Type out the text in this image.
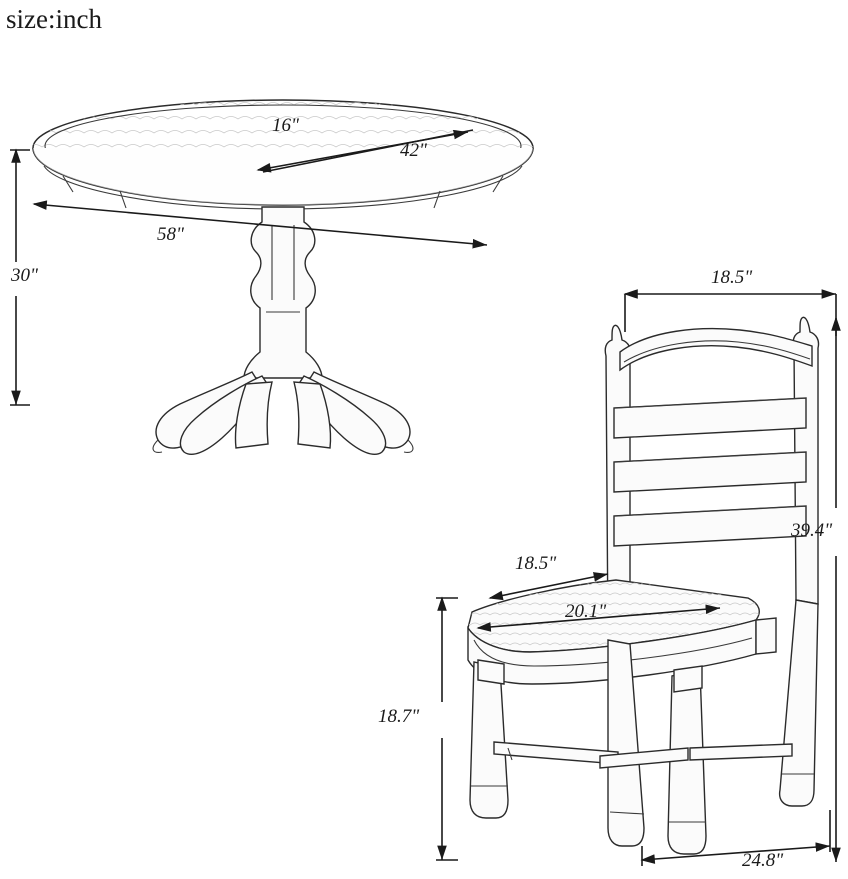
size:inch
16"
42"
58"
30"	18.5"
39.4"
18.5"
20.1"
18.7"
24.8"
